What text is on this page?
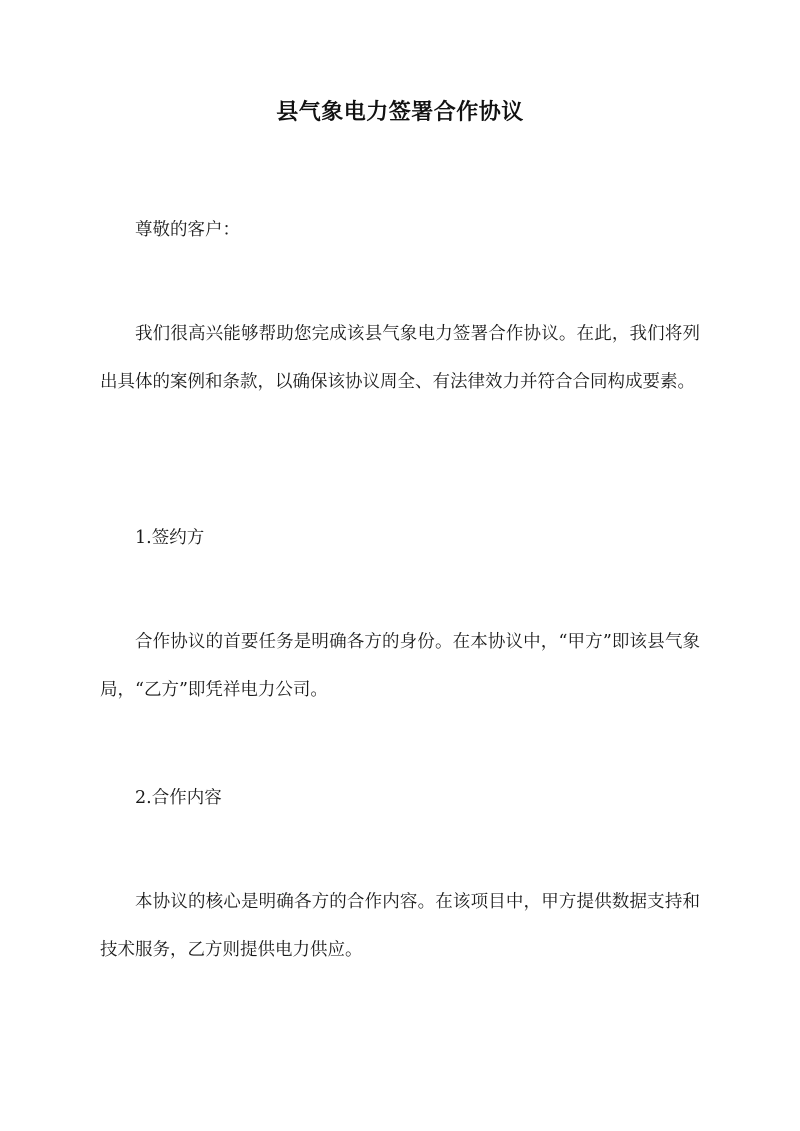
县气象电力签署合作协议

尊敬的客户：

我们很高兴能够帮助您完成该县气象电力签署合作协议。在此，我们将列出具体的案例和条款，以确保该协议周全、有法律效力并符合合同构成要素。

1.签约方

合作协议的首要任务是明确各方的身份。在本协议中，“甲方”即该县气象局，“乙方”即凭祥电力公司。

2.合作内容

本协议的核心是明确各方的合作内容。在该项目中，甲方提供数据支持和技术服务，乙方则提供电力供应。
